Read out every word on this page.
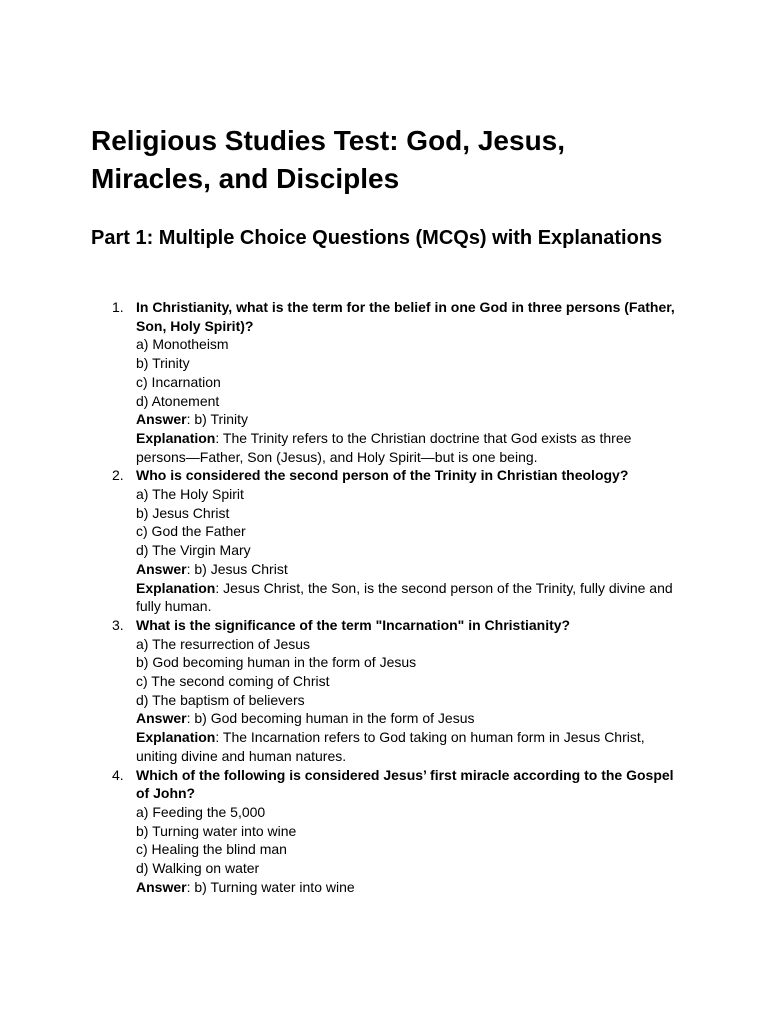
Religious Studies Test: God, Jesus, Miracles, and Disciples
Part 1: Multiple Choice Questions (MCQs) with Explanations
1. In Christianity, what is the term for the belief in one God in three persons (Father, Son, Holy Spirit)?
a) Monotheism
b) Trinity
c) Incarnation
d) Atonement
Answer: b) Trinity
Explanation: The Trinity refers to the Christian doctrine that God exists as three persons—Father, Son (Jesus), and Holy Spirit—but is one being.
2. Who is considered the second person of the Trinity in Christian theology?
a) The Holy Spirit
b) Jesus Christ
c) God the Father
d) The Virgin Mary
Answer: b) Jesus Christ
Explanation: Jesus Christ, the Son, is the second person of the Trinity, fully divine and fully human.
3. What is the significance of the term "Incarnation" in Christianity?
a) The resurrection of Jesus
b) God becoming human in the form of Jesus
c) The second coming of Christ
d) The baptism of believers
Answer: b) God becoming human in the form of Jesus
Explanation: The Incarnation refers to God taking on human form in Jesus Christ, uniting divine and human natures.
4. Which of the following is considered Jesus’ first miracle according to the Gospel of John?
a) Feeding the 5,000
b) Turning water into wine
c) Healing the blind man
d) Walking on water
Answer: b) Turning water into wine
